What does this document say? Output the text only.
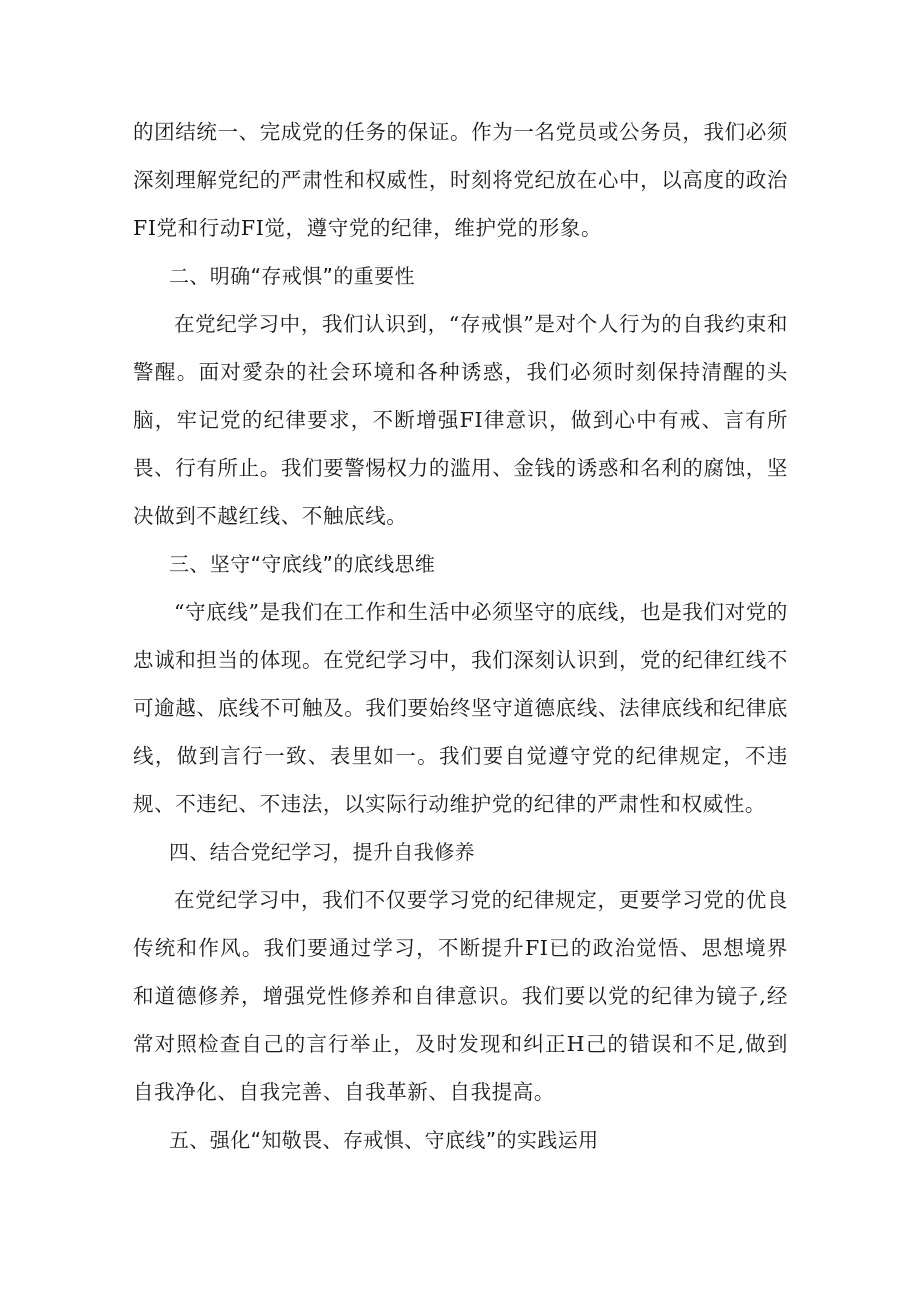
的团结统一、完成党的任务的保证。作为一名党员或公务员，我们必须深刻理解党纪的严肃性和权威性，时刻将党纪放在心中，以高度的政治FI党和行动FI觉，遵守党的纪律，维护党的形象。

二、明确“存戒惧”的重要性

在党纪学习中，我们认识到，“存戒惧”是对个人行为的自我约束和警醒。面对愛杂的社会环境和各种诱惑，我们必须时刻保持清醒的头脑，牢记党的纪律要求，不断增强FI律意识，做到心中有戒、言有所畏、行有所止。我们要警惕权力的滥用、金钱的诱惑和名利的腐蚀，坚决做到不越红线、不触底线。

三、坚守“守底线”的底线思维

“守底线”是我们在工作和生活中必须坚守的底线，也是我们对党的忠诚和担当的体现。在党纪学习中，我们深刻认识到，党的纪律红线不可逾越、底线不可触及。我们要始终坚守道德底线、法律底线和纪律底线，做到言行一致、表里如一。我们要自觉遵守党的纪律规定，不违规、不违纪、不违法，以实际行动维护党的纪律的严肃性和权威性。

四、结合党纪学习，提升自我修养

在党纪学习中，我们不仅要学习党的纪律规定，更要学习党的优良传统和作风。我们要通过学习，不断提升FI已的政治觉悟、思想境界和道德修养，增强党性修养和自律意识。我们要以党的纪律为镜子,经常对照检查自己的言行举止，及时发现和纠正H己的错误和不足,做到自我净化、自我完善、自我革新、自我提高。

五、强化“知敬畏、存戒惧、守底线”的实践运用
